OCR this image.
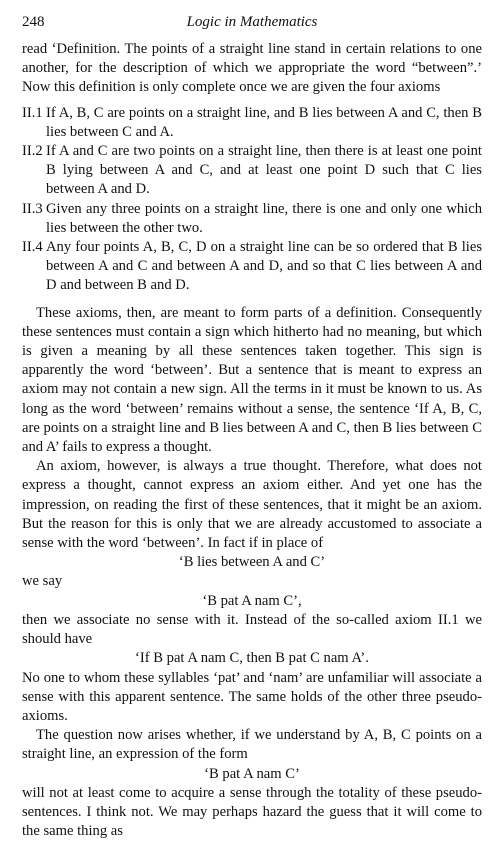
248	Logic in Mathematics

read ‘Definition. The points of a straight line stand in certain relations to one another, for the description of which we appropriate the word “between”.’ Now this definition is only complete once we are given the four axioms

II.1 If A, B, C are points on a straight line, and B lies between A and C, then B lies between C and A.
II.2 If A and C are two points on a straight line, then there is at least one point B lying between A and C, and at least one point D such that C lies between A and D.
II.3 Given any three points on a straight line, there is one and only one which lies between the other two.
II.4 Any four points A, B, C, D on a straight line can be so ordered that B lies between A and C and between A and D, and so that C lies between A and D and between B and D.

These axioms, then, are meant to form parts of a definition. Consequently these sentences must contain a sign which hitherto had no meaning, but which is given a meaning by all these sentences taken together. This sign is apparently the word ‘between’. But a sentence that is meant to express an axiom may not contain a new sign. All the terms in it must be known to us. As long as the word ‘between’ remains without a sense, the sentence ‘If A, B, C, are points on a straight line and B lies between A and C, then B lies between C and A’ fails to express a thought.

An axiom, however, is always a true thought. Therefore, what does not express a thought, cannot express an axiom either. And yet one has the impression, on reading the first of these sentences, that it might be an axiom. But the reason for this is only that we are already accustomed to associate a sense with the word ‘between’. In fact if in place of

‘B lies between A and C’

we say

‘B pat A nam C’,

then we associate no sense with it. Instead of the so-called axiom II.1 we should have

‘If B pat A nam C, then B pat C nam A’.

No one to whom these syllables ‘pat’ and ‘nam’ are unfamiliar will associate a sense with this apparent sentence. The same holds of the other three pseudo-axioms.

The question now arises whether, if we understand by A, B, C points on a straight line, an expression of the form

‘B pat A nam C’

will not at least come to acquire a sense through the totality of these pseudo-sentences. I think not. We may perhaps hazard the guess that it will come to the same thing as
